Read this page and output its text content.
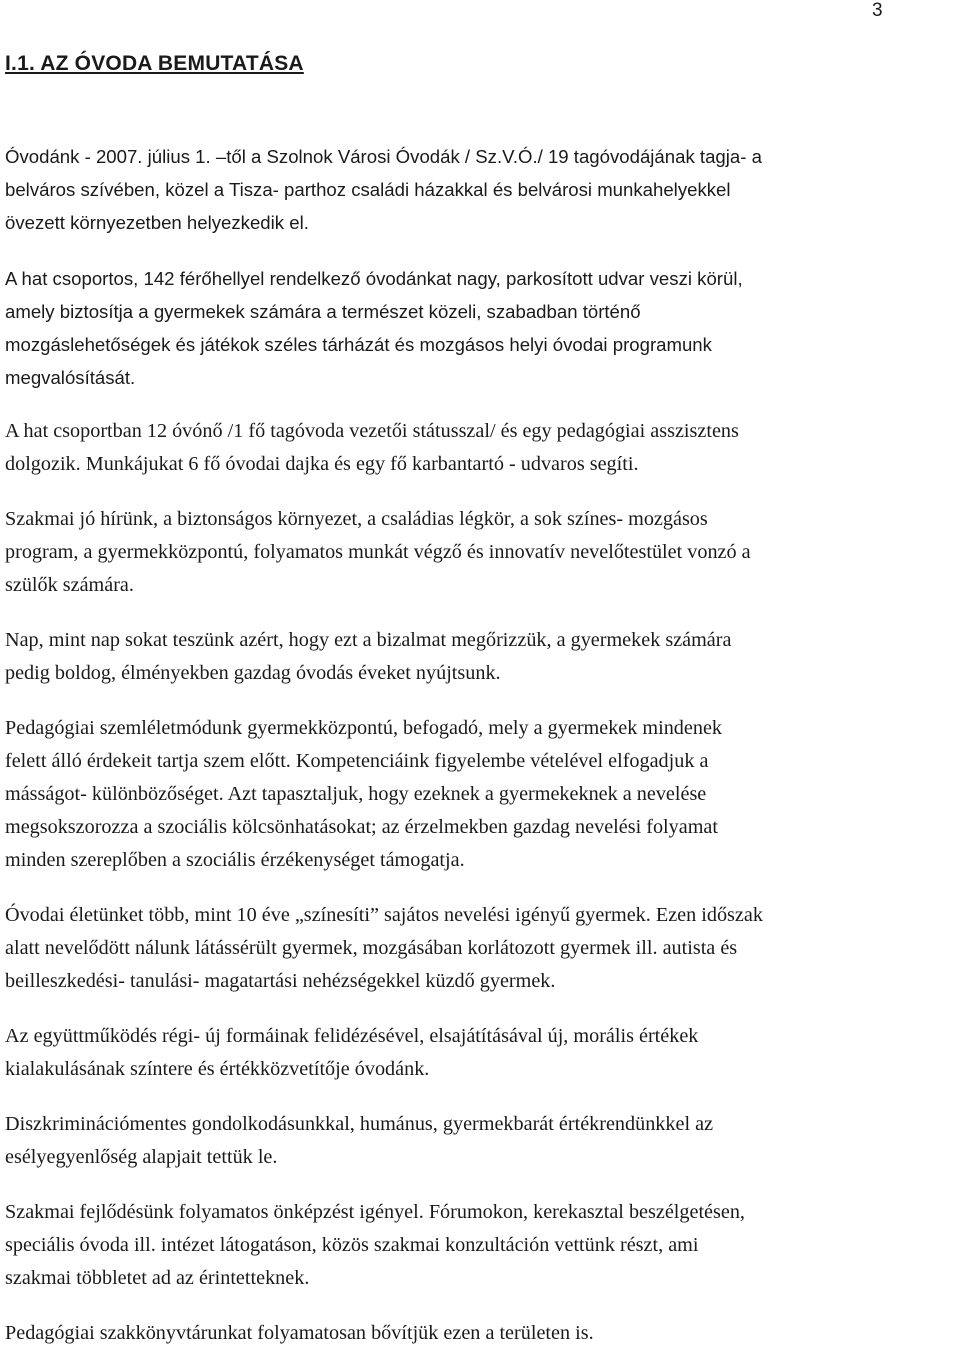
3
I.1. AZ ÓVODA BEMUTATÁSA

Óvodánk - 2007. július 1. –től a Szolnok Városi Óvodák / Sz.V.Ó./ 19 tagóvodájának tagja- a
belváros szívében, közel a Tisza- parthoz családi házakkal és belvárosi munkahelyekkel
övezett környezetben helyezkedik el.

A hat csoportos, 142 férőhellyel rendelkező óvodánkat nagy, parkosított udvar veszi körül,
amely biztosítja a gyermekek számára a természet közeli, szabadban történő
mozgáslehetőségek és játékok széles tárházát és mozgásos helyi óvodai programunk
megvalósítását.

A hat csoportban 12 óvónő /1 fő tagóvoda vezetői státusszal/ és egy pedagógiai asszisztens
dolgozik. Munkájukat 6 fő óvodai dajka és egy fő karbantartó - udvaros segíti.

Szakmai jó hírünk, a biztonságos környezet, a családias légkör, a sok színes- mozgásos
program, a gyermekközpontú, folyamatos munkát végző és innovatív nevelőtestület vonzó a
szülők számára.

Nap, mint nap sokat teszünk azért, hogy ezt a bizalmat megőrizzük, a gyermekek számára
pedig boldog, élményekben gazdag óvodás éveket nyújtsunk.

Pedagógiai szemléletmódunk gyermekközpontú, befogadó, mely a gyermekek mindenek
felett álló érdekeit tartja szem előtt. Kompetenciáink figyelembe vételével elfogadjuk a
másságot- különbözőséget. Azt tapasztaljuk, hogy ezeknek a gyermekeknek a nevelése
megsokszorozza a szociális kölcsönhatásokat; az érzelmekben gazdag nevelési folyamat
minden szereplőben a szociális érzékenységet támogatja.

Óvodai életünket több, mint 10 éve „színesíti” sajátos nevelési igényű gyermek. Ezen időszak
alatt nevelődött nálunk látássérült gyermek, mozgásában korlátozott gyermek ill. autista és
beilleszkedési- tanulási- magatartási nehézségekkel küzdő gyermek.

Az együttműködés régi- új formáinak felidézésével, elsajátításával új, morális értékek
kialakulásának színtere és értékközvetítője óvodánk.

Diszkriminációmentes gondolkodásunkkal, humánus, gyermekbarát értékrendünkkel az
esélyegyenlőség alapjait tettük le.

Szakmai fejlődésünk folyamatos önképzést igényel. Fórumokon, kerekasztal beszélgetésen,
speciális óvoda ill. intézet látogatáson, közös szakmai konzultáción vettünk részt, ami
szakmai többletet ad az érintetteknek.

Pedagógiai szakkönyvtárunkat folyamatosan bővítjük ezen a területen is.
